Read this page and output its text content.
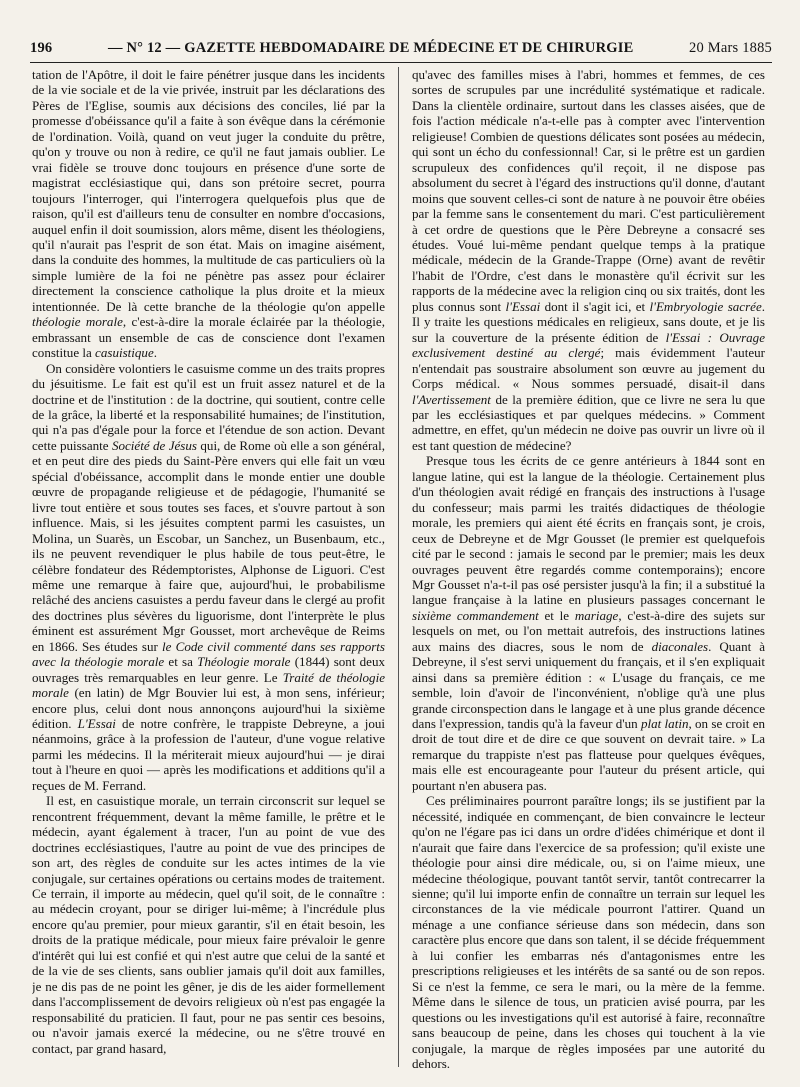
196	— N° 12 — GAZETTE HEBDOMADAIRE DE MÉDECINE ET DE CHIRURGIE	20 Mars 1885

tation de l'Apôtre, il doit le faire pénétrer jusque dans les incidents de la vie sociale et de la vie privée, instruit par les déclarations des Pères de l'Eglise, soumis aux décisions des conciles, lié par la promesse d'obéissance qu'il a faite à son évêque dans la cérémonie de l'ordination. Voilà, quand on veut juger la conduite du prêtre, qu'on y trouve ou non à redire, ce qu'il ne faut jamais oublier. Le vrai fidèle se trouve donc toujours en présence d'une sorte de magistrat ecclésiastique qui, dans son prétoire secret, pourra toujours l'interroger, qui l'interrogera quelquefois plus que de raison, qu'il est d'ailleurs tenu de consulter en nombre d'occasions, auquel enfin il doit soumission, alors même, disent les théologiens, qu'il n'aurait pas l'esprit de son état. Mais on imagine aisément, dans la conduite des hommes, la multitude de cas particuliers où la simple lumière de la foi ne pénètre pas assez pour éclairer directement la conscience catholique la plus droite et la mieux intentionnée. De là cette branche de la théologie qu'on appelle théologie morale, c'est-à-dire la morale éclairée par la théologie, embrassant un ensemble de cas de conscience dont l'examen constitue la casuistique.

On considère volontiers le casuisme comme un des traits propres du jésuitisme. Le fait est qu'il est un fruit assez naturel et de la doctrine et de l'institution : de la doctrine, qui soutient, contre celle de la grâce, la liberté et la responsabilité humaines; de l'institution, qui n'a pas d'égale pour la force et l'étendue de son action. Devant cette puissante Société de Jésus qui, de Rome où elle a son général, et en peut dire des pieds du Saint-Père envers qui elle fait un vœu spécial d'obéissance, accomplit dans le monde entier une double œuvre de propagande religieuse et de pédagogie, l'humanité se livre tout entière et sous toutes ses faces, et s'ouvre partout à son influence. Mais, si les jésuites comptent parmi les casuistes, un Molina, un Suarès, un Escobar, un Sanchez, un Busenbaum, etc., ils ne peuvent revendiquer le plus habile de tous peut-être, le célèbre fondateur des Rédemptoristes, Alphonse de Liguori. C'est même une remarque à faire que, aujourd'hui, le probabilisme relâché des anciens casuistes a perdu faveur dans le clergé au profit des doctrines plus sévères du liguorisme, dont l'interprète le plus éminent est assurément Mgr Gousset, mort archevêque de Reims en 1866. Ses études sur le Code civil commenté dans ses rapports avec la théologie morale et sa Théologie morale (1844) sont deux ouvrages très remarquables en leur genre. Le Traité de théologie morale (en latin) de Mgr Bouvier lui est, à mon sens, inférieur; encore plus, celui dont nous annonçons aujourd'hui la sixième édition. L'Essai de notre confrère, le trappiste Debreyne, a joui néanmoins, grâce à la profession de l'auteur, d'une vogue relative parmi les médecins. Il la mériterait mieux aujourd'hui — je dirai tout à l'heure en quoi — après les modifications et additions qu'il a reçues de M. Ferrand.

Il est, en casuistique morale, un terrain circonscrit sur lequel se rencontrent fréquemment, devant la même famille, le prêtre et le médecin, ayant également à tracer, l'un au point de vue des doctrines ecclésiastiques, l'autre au point de vue des principes de son art, des règles de conduite sur les actes intimes de la vie conjugale, sur certaines opérations ou certains modes de traitement. Ce terrain, il importe au médecin, quel qu'il soit, de le connaître : au médecin croyant, pour se diriger lui-même; à l'incrédule plus encore qu'au premier, pour mieux garantir, s'il en était besoin, les droits de la pratique médicale, pour mieux faire prévaloir le genre d'intérêt qui lui est confié et qui n'est autre que celui de la santé et de la vie de ses clients, sans oublier jamais qu'il doit aux familles, je ne dis pas de ne point les gêner, je dis de les aider formellement dans l'accomplissement de devoirs religieux où n'est pas engagée la responsabilité du praticien. Il faut, pour ne pas sentir ces besoins, ou n'avoir jamais exercé la médecine, ou ne s'être trouvé en contact, par grand hasard,

qu'avec des familles mises à l'abri, hommes et femmes, de ces sortes de scrupules par une incrédulité systématique et radicale. Dans la clientèle ordinaire, surtout dans les classes aisées, que de fois l'action médicale n'a-t-elle pas à compter avec l'intervention religieuse! Combien de questions délicates sont posées au médecin, qui sont un écho du confessionnal! Car, si le prêtre est un gardien scrupuleux des confidences qu'il reçoit, il ne dispose pas absolument du secret à l'égard des instructions qu'il donne, d'autant moins que souvent celles-ci sont de nature à ne pouvoir être obéies par la femme sans le consentement du mari. C'est particulièrement à cet ordre de questions que le Père Debreyne a consacré ses études. Voué lui-même pendant quelque temps à la pratique médicale, médecin de la Grande-Trappe (Orne) avant de revêtir l'habit de l'Ordre, c'est dans le monastère qu'il écrivit sur les rapports de la médecine avec la religion cinq ou six traités, dont les plus connus sont l'Essai dont il s'agit ici, et l'Embryologie sacrée. Il y traite les questions médicales en religieux, sans doute, et je lis sur la couverture de la présente édition de l'Essai : Ouvrage exclusivement destiné au clergé; mais évidemment l'auteur n'entendait pas soustraire absolument son œuvre au jugement du Corps médical. « Nous sommes persuadé, disait-il dans l'Avertissement de la première édition, que ce livre ne sera lu que par les ecclésiastiques et par quelques médecins. » Comment admettre, en effet, qu'un médecin ne doive pas ouvrir un livre où il est tant question de médecine?

Presque tous les écrits de ce genre antérieurs à 1844 sont en langue latine, qui est la langue de la théologie. Certainement plus d'un théologien avait rédigé en français des instructions à l'usage du confesseur; mais parmi les traités didactiques de théologie morale, les premiers qui aient été écrits en français sont, je crois, ceux de Debreyne et de Mgr Gousset (le premier est quelquefois cité par le second : jamais le second par le premier; mais les deux ouvrages peuvent être regardés comme contemporains); encore Mgr Gousset n'a-t-il pas osé persister jusqu'à la fin; il a substitué la langue française à la latine en plusieurs passages concernant le sixième commandement et le mariage, c'est-à-dire des sujets sur lesquels on met, ou l'on mettait autrefois, des instructions latines aux mains des diacres, sous le nom de diaconales. Quant à Debreyne, il s'est servi uniquement du français, et il s'en expliquait ainsi dans sa première édition : « L'usage du français, ce me semble, loin d'avoir de l'inconvénient, n'oblige qu'à une plus grande circonspection dans le langage et à une plus grande décence dans l'expression, tandis qu'à la faveur d'un plat latin, on se croit en droit de tout dire et de dire ce que souvent on devrait taire. » La remarque du trappiste n'est pas flatteuse pour quelques évêques, mais elle est encourageante pour l'auteur du présent article, qui pourtant n'en abusera pas.

Ces préliminaires pourront paraître longs; ils se justifient par la nécessité, indiquée en commençant, de bien convaincre le lecteur qu'on ne l'égare pas ici dans un ordre d'idées chimérique et dont il n'aurait que faire dans l'exercice de sa profession; qu'il existe une théologie pour ainsi dire médicale, ou, si on l'aime mieux, une médecine théologique, pouvant tantôt servir, tantôt contrecarrer la sienne; qu'il lui importe enfin de connaître un terrain sur lequel les circonstances de la vie médicale pourront l'attirer. Quand un ménage a une confiance sérieuse dans son médecin, dans son caractère plus encore que dans son talent, il se décide fréquemment à lui confier les embarras nés d'antagonismes entre les prescriptions religieuses et les intérêts de sa santé ou de son repos. Si ce n'est la femme, ce sera le mari, ou la mère de la femme. Même dans le silence de tous, un praticien avisé pourra, par les questions ou les investigations qu'il est autorisé à faire, reconnaître sans beaucoup de peine, dans les choses qui touchent à la vie conjugale, la marque de règles imposées par une autorité du dehors.
